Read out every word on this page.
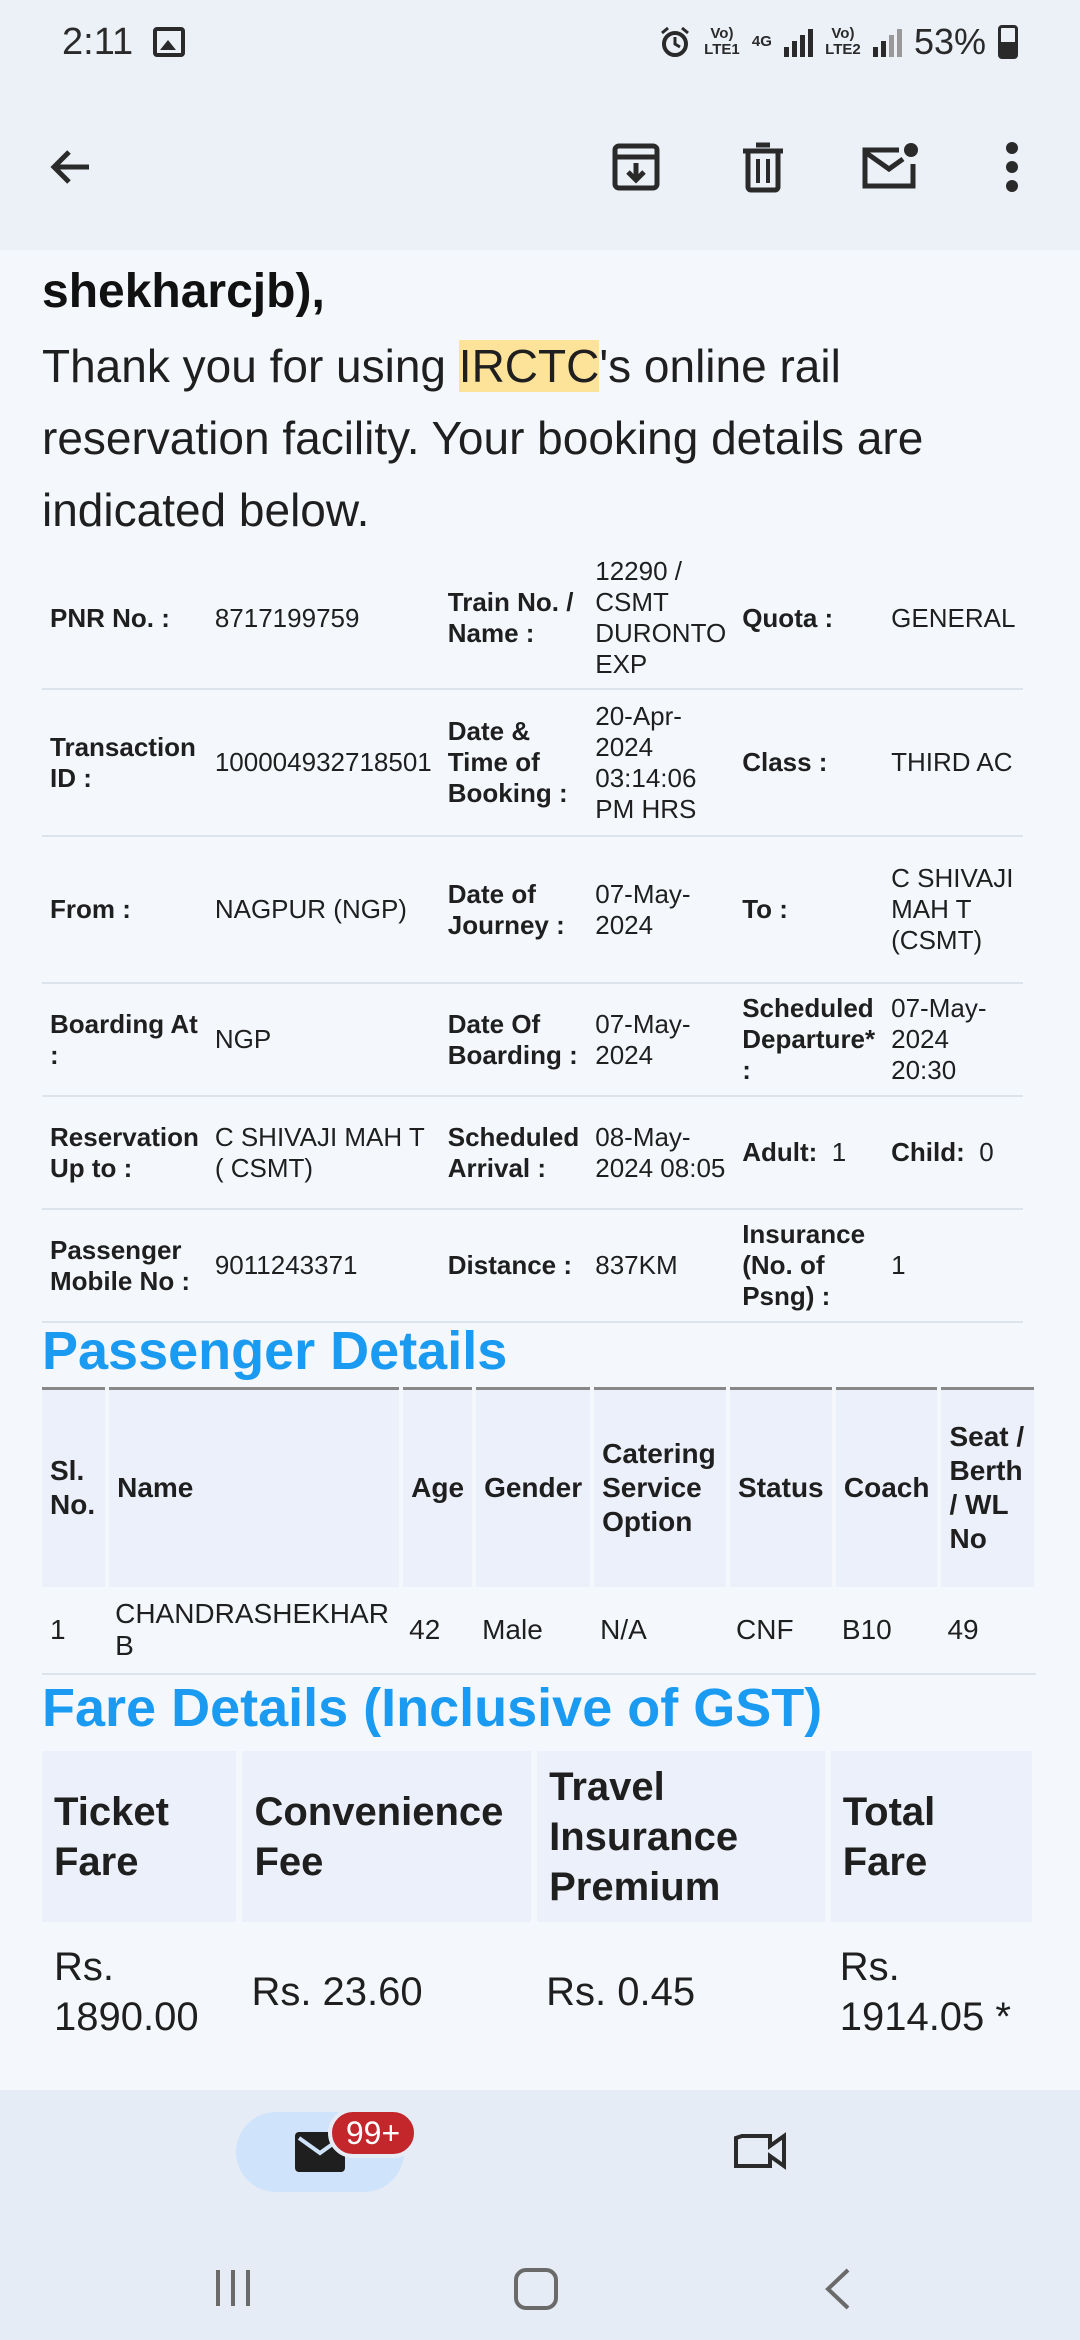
2:11	Vo) LTE1 4G	Vo) LTE2 53%
shekharcjb),
Thank you for using IRCTC's online rail reservation facility. Your booking details are indicated below.
PNR No. :	8717199759	Train No. / Name :	12290 / CSMT DURONTO EXP	Quota :	GENERAL
Transaction ID :	100004932718501	Date & Time of Booking :	20-Apr-2024 03:14:06 PM HRS	Class :	THIRD AC
From :	NAGPUR (NGP)	Date of Journey :	07-May-2024	To :	C SHIVAJI MAH T (CSMT)
Boarding At :	NGP	Date Of Boarding :	07-May-2024	Scheduled Departure* :	07-May-2024 20:30
Reservation Up to :	C SHIVAJI MAH T ( CSMT)	Scheduled Arrival :	08-May-2024 08:05	Adult: 1	Child: 0
Passenger Mobile No :	9011243371	Distance :	837KM	Insurance (No. of Psng) :	1
Passenger Details
Sl. No.	Name	Age	Gender	Catering Service Option	Status	Coach	Seat / Berth / WL No
1	CHANDRASHEKHAR B	42	Male	N/A	CNF	B10	49
Fare Details (Inclusive of GST)
Ticket Fare	Convenience Fee	Travel Insurance Premium	Total Fare
Rs. 1890.00	Rs. 23.60	Rs. 0.45	Rs. 1914.05 *
99+
